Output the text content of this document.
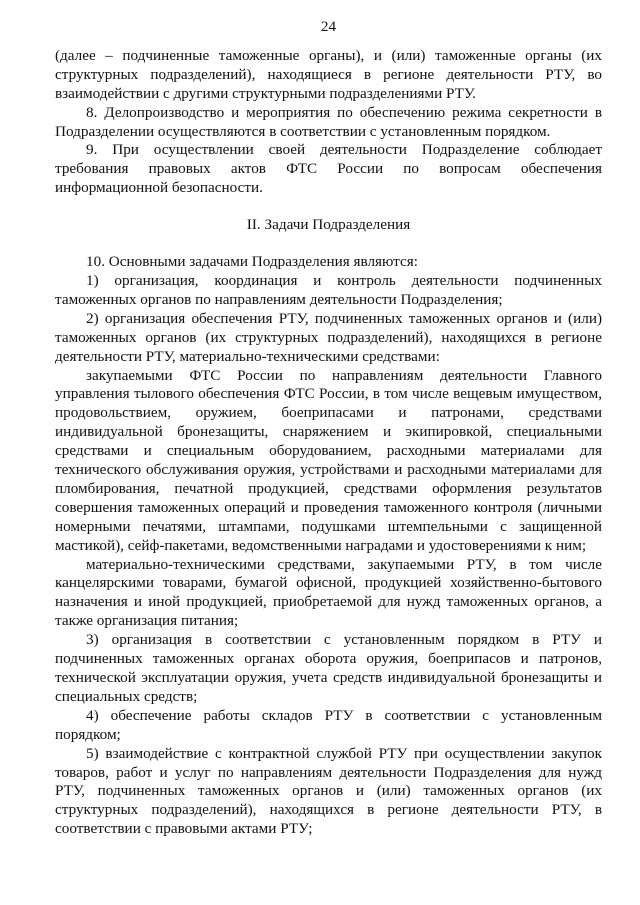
24

(далее – подчиненные таможенные органы), и (или) таможенные органы (их структурных подразделений), находящиеся в регионе деятельности РТУ, во взаимодействии с другими структурными подразделениями РТУ.

8. Делопроизводство и мероприятия по обеспечению режима секретности в Подразделении осуществляются в соответствии с установленным порядком.

9. При осуществлении своей деятельности Подразделение соблюдает требования правовых актов ФТС России по вопросам обеспечения информационной безопасности.

II. Задачи Подразделения

10. Основными задачами Подразделения являются:

1) организация, координация и контроль деятельности подчиненных таможенных органов по направлениям деятельности Подразделения;

2) организация обеспечения РТУ, подчиненных таможенных органов и (или) таможенных органов (их структурных подразделений), находящихся в регионе деятельности РТУ, материально-техническими средствами:

закупаемыми ФТС России по направлениям деятельности Главного управления тылового обеспечения ФТС России, в том числе вещевым имуществом, продовольствием, оружием, боеприпасами и патронами, средствами индивидуальной бронезащиты, снаряжением и экипировкой, специальными средствами и специальным оборудованием, расходными материалами для технического обслуживания оружия, устройствами и расходными материалами для пломбирования, печатной продукцией, средствами оформления результатов совершения таможенных операций и проведения таможенного контроля (личными номерными печатями, штампами, подушками штемпельными с защищенной мастикой), сейф-пакетами, ведомственными наградами и удостоверениями к ним;

материально-техническими средствами, закупаемыми РТУ, в том числе канцелярскими товарами, бумагой офисной, продукцией хозяйственно-бытового назначения и иной продукцией, приобретаемой для нужд таможенных органов, а также организация питания;

3) организация в соответствии с установленным порядком в РТУ и подчиненных таможенных органах оборота оружия, боеприпасов и патронов, технической эксплуатации оружия, учета средств индивидуальной бронезащиты и специальных средств;

4) обеспечение работы складов РТУ в соответствии с установленным порядком;

5) взаимодействие с контрактной службой РТУ при осуществлении закупок товаров, работ и услуг по направлениям деятельности Подразделения для нужд РТУ, подчиненных таможенных органов и (или) таможенных органов (их структурных подразделений), находящихся в регионе деятельности РТУ, в соответствии с правовыми актами РТУ;
